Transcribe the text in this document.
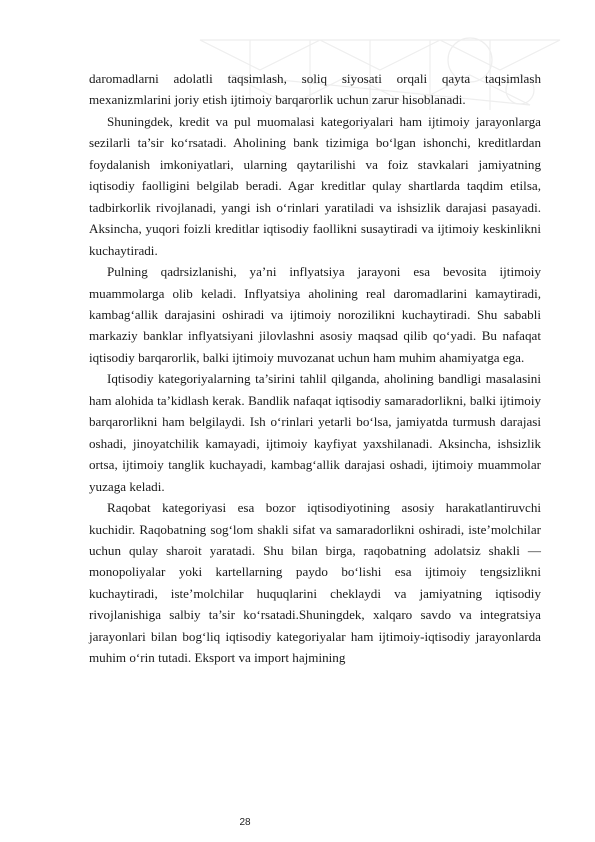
daromadlarni adolatli taqsimlash, soliq siyosati orqali qayta taqsimlash mexanizmlarini joriy etish ijtimoiy barqarorlik uchun zarur hisoblanadi.

Shuningdek, kredit va pul muomalasi kategoriyalari ham ijtimoiy jarayonlarga sezilarli ta’sir ko‘rsatadi. Aholining bank tizimiga bo‘lgan ishonchi, kreditlardan foydalanish imkoniyatlari, ularning qaytarilishi va foiz stavkalari jamiyatning iqtisodiy faolligini belgilab beradi. Agar kreditlar qulay shartlarda taqdim etilsa, tadbirkorlik rivojlanadi, yangi ish o‘rinlari yaratiladi va ishsizlik darajasi pasayadi. Aksincha, yuqori foizli kreditlar iqtisodiy faollikni susaytiradi va ijtimoiy keskinlikni kuchaytiradi.

Pulning qadrsizlanishi, ya’ni inflyatsiya jarayoni esa bevosita ijtimoiy muammolarga olib keladi. Inflyatsiya aholining real daromadlarini kamaytiradi, kambag‘allik darajasini oshiradi va ijtimoiy norozilikni kuchaytiradi. Shu sababli markaziy banklar inflyatsiyani jilovlashni asosiy maqsad qilib qo‘yadi. Bu nafaqat iqtisodiy barqarorlik, balki ijtimoiy muvozanat uchun ham muhim ahamiyatga ega.

Iqtisodiy kategoriyalarning ta’sirini tahlil qilganda, aholining bandligi masalasini ham alohida ta’kidlash kerak. Bandlik nafaqat iqtisodiy samaradorlikni, balki ijtimoiy barqarorlikni ham belgilaydi. Ish o‘rinlari yetarli bo‘lsa, jamiyatda turmush darajasi oshadi, jinoyatchilik kamayadi, ijtimoiy kayfiyat yaxshilanadi. Aksincha, ishsizlik ortsa, ijtimoiy tanglik kuchayadi, kambag‘allik darajasi oshadi, ijtimoiy muammolar yuzaga keladi.

Raqobat kategoriyasi esa bozor iqtisodiyotining asosiy harakatlantiruvchi kuchidir. Raqobatning sog‘lom shakli sifat va samaradorlikni oshiradi, iste’molchilar uchun qulay sharoit yaratadi. Shu bilan birga, raqobatning adolatsiz shakli — monopoliyalar yoki kartellarning paydo bo‘lishi esa ijtimoiy tengsizlikni kuchaytiradi, iste’molchilar huquqlarini cheklaydi va jamiyatning iqtisodiy rivojlanishiga salbiy ta’sir ko‘rsatadi.Shuningdek, xalqaro savdo va integratsiya jarayonlari bilan bog‘liq iqtisodiy kategoriyalar ham ijtimoiy-iqtisodiy jarayonlarda muhim o‘rin tutadi. Eksport va import hajmining

28
